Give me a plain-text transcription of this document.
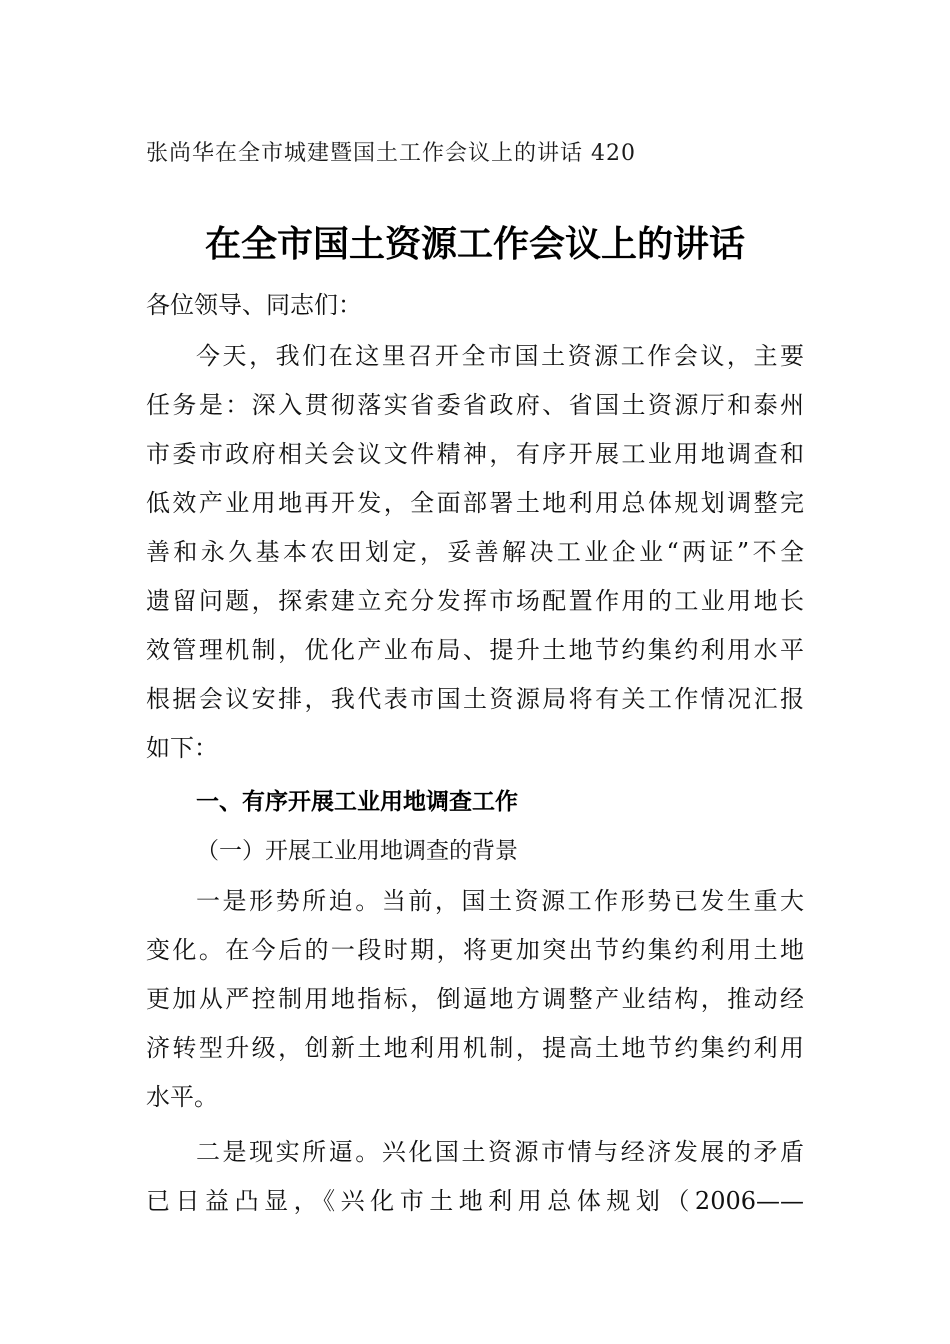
张尚华在全市城建暨国土工作会议上的讲话 420
在全市国土资源工作会议上的讲话
各位领导、同志们：
今天，我们在这里召开全市国土资源工作会议，主要
任务是：深入贯彻落实省委省政府、省国土资源厅和泰州
市委市政府相关会议文件精神，有序开展工业用地调查和
低效产业用地再开发，全面部署土地利用总体规划调整完
善和永久基本农田划定，妥善解决工业企业“两证”不全
遗留问题，探索建立充分发挥市场配置作用的工业用地长
效管理机制，优化产业布局、提升土地节约集约利用水平
根据会议安排，我代表市国土资源局将有关工作情况汇报
如下：
一、有序开展工业用地调查工作
（一）开展工业用地调查的背景
一是形势所迫。当前，国土资源工作形势已发生重大
变化。在今后的一段时期，将更加突出节约集约利用土地
更加从严控制用地指标，倒逼地方调整产业结构，推动经
济转型升级，创新土地利用机制，提高土地节约集约利用
水平。
二是现实所逼。兴化国土资源市情与经济发展的矛盾
已日益凸显，《兴化市土地利用总体规划（2006——
